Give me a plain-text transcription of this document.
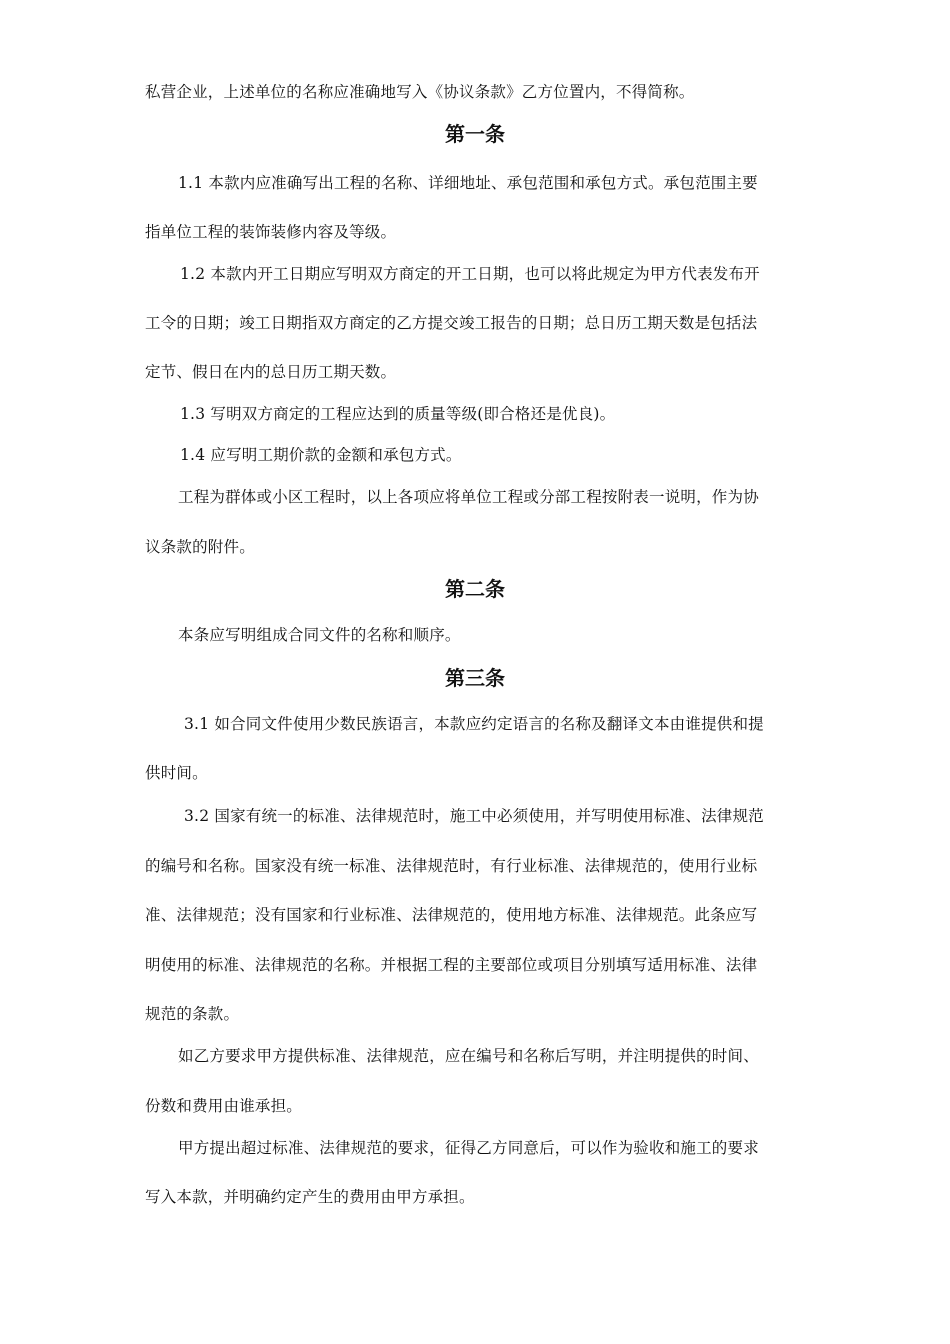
私营企业，上述单位的名称应准确地写入《协议条款》乙方位置内，不得简称。
第一条
1.1 本款内应准确写出工程的名称、详细地址、承包范围和承包方式。承包范围主要
指单位工程的装饰装修内容及等级。
1.2 本款内开工日期应写明双方商定的开工日期，也可以将此规定为甲方代表发布开
工令的日期；竣工日期指双方商定的乙方提交竣工报告的日期；总日历工期天数是包括法
定节、假日在内的总日历工期天数。
1.3 写明双方商定的工程应达到的质量等级(即合格还是优良)。
1.4 应写明工期价款的金额和承包方式。
工程为群体或小区工程时，以上各项应将单位工程或分部工程按附表一说明，作为协
议条款的附件。
第二条
本条应写明组成合同文件的名称和顺序。
第三条
3.1 如合同文件使用少数民族语言，本款应约定语言的名称及翻译文本由谁提供和提
供时间。
3.2 国家有统一的标准、法律规范时，施工中必须使用，并写明使用标准、法律规范
的编号和名称。国家没有统一标准、法律规范时，有行业标准、法律规范的，使用行业标
准、法律规范；没有国家和行业标准、法律规范的，使用地方标准、法律规范。此条应写
明使用的标准、法律规范的名称。并根据工程的主要部位或项目分别填写适用标准、法律
规范的条款。
如乙方要求甲方提供标准、法律规范，应在编号和名称后写明，并注明提供的时间、
份数和费用由谁承担。
甲方提出超过标准、法律规范的要求，征得乙方同意后，可以作为验收和施工的要求
写入本款，并明确约定产生的费用由甲方承担。
